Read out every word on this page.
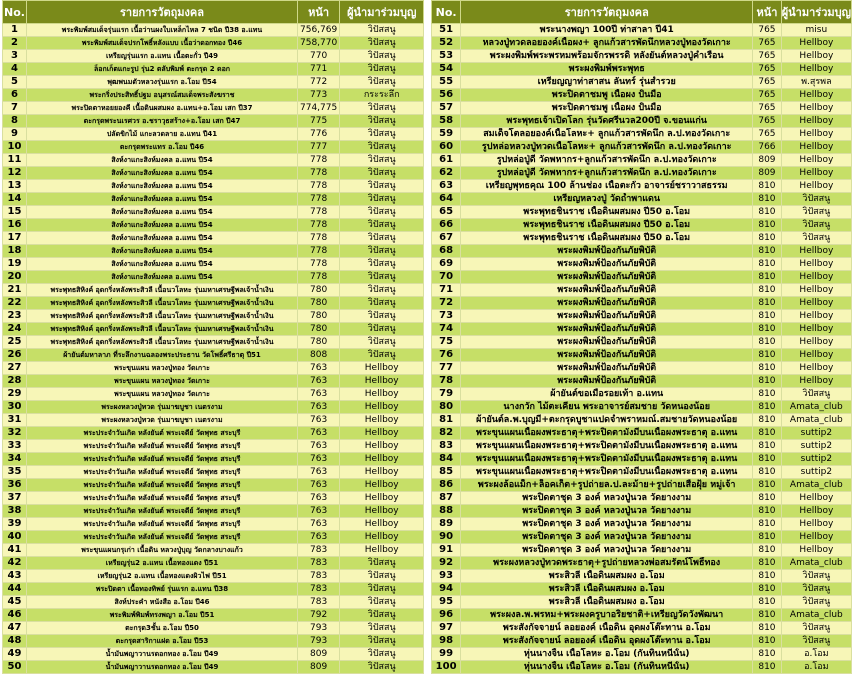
No.	รายการวัตถุมงคล	หน้า	ผู้นำมาร่วมบุญ
1	พระพิมพ์สมเด็จรุ่นแรก เนื้อว่านผงใบเหล็กไหล 7 ชนิด ปี38 อ.แทน	756,769	วิปัสสนู
2	พระพิมพ์สมเด็จปรกโพธิ์หลังแบบ เนื้อว่าดอกทอง ปี46	758,770	วิปัสสนู
3	เหรียญรุ่นแรก อ.แทน เนื้อตะกั่ว ปี49	770	วิปัสสนู
4	ล็อกเก็ตแกะรูป รุ่น2 ตลับพิมพ์ ตะกรุด 2 ดอก	771	วิปัสสนู
5	พุฒพนมตัวหลวงรุ่นแรก อ.โอม ปี54	772	วิปัสสนู
6	พระกริ่งประสิทธิ์ปฐม อนุสรณ์สมเด็จพระสังฆราช	773	กระระลึก
7	พระปิดตาหอยยองคี เนื้อดินผสมผง อ.แทน+อ.โอม เสก ปี37	774,775	วิปัสสนู
8	ตะกรุดพระนเรศวร อ.ชราวุธสร้าง+อ.โอม เสก ปี47	775	วิปัสสนู
9	ปลัดขิกไม้ แกะลวดลาย อ.แทน ปี41	776	วิปัสสนู
10	ตะกรุดพระแทร อ.โอม ปี46	777	วิปัสสนู
11	สิงห์งาแกะสิงห์มงคล อ.แทน ปี54	778	วิปัสสนู
12	สิงห์งาแกะสิงห์มงคล อ.แทน ปี54	778	วิปัสสนู
13	สิงห์งาแกะสิงห์มงคล อ.แทน ปี54	778	วิปัสสนู
14	สิงห์งาแกะสิงห์มงคล อ.แทน ปี54	778	วิปัสสนู
15	สิงห์งาแกะสิงห์มงคล อ.แทน ปี54	778	วิปัสสนู
16	สิงห์งาแกะสิงห์มงคล อ.แทน ปี54	778	วิปัสสนู
17	สิงห์งาแกะสิงห์มงคล อ.แทน ปี54	778	วิปัสสนู
18	สิงห์งาแกะสิงห์มงคล อ.แทน ปี54	778	วิปัสสนู
19	สิงห์งาแกะสิงห์มงคล อ.แทน ปี54	778	วิปัสสนู
20	สิงห์งาแกะสิงห์มงคล อ.แทน ปี54	778	วิปัสสนู
21	พระพุทธสิหิงค์ อุดกริ่งหลังพระสิวลี เนื้อนวโลหะ รุ่นมหาเศรษฐีพลเจ้าน้ำเงิน	780	วิปัสสนู
22	พระพุทธสิหิงค์ อุดกริ่งหลังพระสิวลี เนื้อนวโลหะ รุ่นมหาเศรษฐีพลเจ้าน้ำเงิน	780	วิปัสสนู
23	พระพุทธสิหิงค์ อุดกริ่งหลังพระสิวลี เนื้อนวโลหะ รุ่นมหาเศรษฐีพลเจ้าน้ำเงิน	780	วิปัสสนู
24	พระพุทธสิหิงค์ อุดกริ่งหลังพระสิวลี เนื้อนวโลหะ รุ่นมหาเศรษฐีพลเจ้าน้ำเงิน	780	วิปัสสนู
25	พระพุทธสิหิงค์ อุดกริ่งหลังพระสิวลี เนื้อนวโลหะ รุ่นมหาเศรษฐีพลเจ้าน้ำเงิน	780	วิปัสสนู
26	ผ้ายันต์มหาลาภ ที่ระลึกงานฉลองพระประธาน วัดโพธิ์ศรีธาตุ ปี51	808	วิปัสสนู
27	พระขุนแผน หลวงปู่ทอง วัดเกาะ	763	Hellboy
28	พระขุนแผน หลวงปู่ทอง วัดเกาะ	763	Hellboy
29	พระขุนแผน หลวงปู่ทอง วัดเกาะ	763	Hellboy
30	พระผงหลวงปู่ทวด รุ่นมาฆบูชา เนตรงาม	763	Hellboy
31	พระผงหลวงปู่ทวด รุ่นมาฆบูชา เนตรงาม	763	Hellboy
32	พระประจำวันเกิด หลังยันต์ พระเจดีย์ วัดพุทธ สระบุรี	763	Hellboy
33	พระประจำวันเกิด หลังยันต์ พระเจดีย์ วัดพุทธ สระบุรี	763	Hellboy
34	พระประจำวันเกิด หลังยันต์ พระเจดีย์ วัดพุทธ สระบุรี	763	Hellboy
35	พระประจำวันเกิด หลังยันต์ พระเจดีย์ วัดพุทธ สระบุรี	763	Hellboy
36	พระประจำวันเกิด หลังยันต์ พระเจดีย์ วัดพุทธ สระบุรี	763	Hellboy
37	พระประจำวันเกิด หลังยันต์ พระเจดีย์ วัดพุทธ สระบุรี	763	Hellboy
38	พระประจำวันเกิด หลังยันต์ พระเจดีย์ วัดพุทธ สระบุรี	763	Hellboy
39	พระประจำวันเกิด หลังยันต์ พระเจดีย์ วัดพุทธ สระบุรี	763	Hellboy
40	พระประจำวันเกิด หลังยันต์ พระเจดีย์ วัดพุทธ สระบุรี	763	Hellboy
41	พระขุนแผนกรุเก่า เนื้อดิน หลวงปู่บุญ วัดกลางบางแก้ว	783	Hellboy
42	เหรียญรุ่น2 อ.แทน เนื้อทองแดง ปี51	783	วิปัสสนู
43	เหรียญรุ่น2 อ.แทน เนื้อทองแดงผิวไฟ ปี51	783	วิปัสสนู
44	พระปิดตา เนื้อทองทิพย์ รุ่นแรก อ.แทน ปี38	783	วิปัสสนู
45	สิงห์ประคำ หนังสือ อ.โอม ปี46	783	วิปัสสนู
46	พระพิมพ์พิมพ์ทรงพญา อ.โอม ปี51	792	วิปัสสนู
47	ตะกรุด3ชั้น อ.โอม ปี50	793	วิปัสสนู
48	ตะกรุดสาริกาแฝด อ.โอม ปี53	793	วิปัสสนู
49	น้ำมันพญาวานรดอกทอง อ.โอม ปี49	809	วิปัสสนู
50	น้ำมันพญาวานรดอกทอง อ.โอม ปี49	809	วิปัสสนู
No.	รายการวัตถุมงคล	หน้า	ผู้นำมาร่วมบุญ
51	พระนางพญา 100ปี ท่าสาลา ปี41	765	misu
52	หลวงปู่ทวดลอยองค์เนื้อผง+ ลูกแก้วสารพัดนึกหลวงปู่ทองวัดเกาะ	765	Hellboy
53	พระผงพิมพ์พระพรหมพร้อมจักรพรรดิ หลังยันต์หลวงปู่คำเรือน	765	Hellboy
54	พระผงพิมพ์พระพุทธ	765	Hellboy
55	เหรียญญาท่าสาสน ลันทร์ รุ่นสำรวย	765	พ.สุรพล
56	พระปิดตาชมพู เนื้อผง ปั้นมือ	765	Hellboy
57	พระปิดตาชมพู เนื้อผง ปั้นมือ	765	Hellboy
58	พระพุทธเจ้าเปิดโลก รุ่นวัดศรีนวล200ปี จ.ขอนแก่น	765	Hellboy
59	สมเด็จโตลอยองค์เนื้อโลหะ+ ลูกแก้วสารพัดนึก ล.ป.ทองวัดเกาะ	765	Hellboy
60	รูปหล่อหลวงปู่ทวดเนื้อโลหะ+ ลูกแก้วสารพัดนึก ล.ป.ทองวัดเกาะ	766	Hellboy
61	รูปหล่อปู่ดี วัดพหากร+ลูกแก้วสารพัดนึก ล.ป.ทองวัดเกาะ	809	Hellboy
62	รูปหล่อปู่ดี วัดพหากร+ลูกแก้วสารพัดนึก ล.ป.ทองวัดเกาะ	809	Hellboy
63	เหรียญพุทธคุณ 100 ล้านช่อง เนื้อตะกั่ว อาจารย์ชราวาสธรรม	810	Hellboy
64	เหรียญหลวงปู่ วัดถ้ำพาแดน	810	วิปัสสนู
65	พระพุทธชินราช เนื้อดินผสมผง ปี50 อ.โอม	810	วิปัสสนู
66	พระพุทธชินราช เนื้อดินผสมผง ปี50 อ.โอม	810	วิปัสสนู
67	พระพุทธชินราช เนื้อดินผสมผง ปี50 อ.โอม	810	วิปัสสนู
68	พระผงพิมพ์ป้องกันภัยพิบัติ	810	Hellboy
69	พระผงพิมพ์ป้องกันภัยพิบัติ	810	Hellboy
70	พระผงพิมพ์ป้องกันภัยพิบัติ	810	Hellboy
71	พระผงพิมพ์ป้องกันภัยพิบัติ	810	Hellboy
72	พระผงพิมพ์ป้องกันภัยพิบัติ	810	Hellboy
73	พระผงพิมพ์ป้องกันภัยพิบัติ	810	Hellboy
74	พระผงพิมพ์ป้องกันภัยพิบัติ	810	Hellboy
75	พระผงพิมพ์ป้องกันภัยพิบัติ	810	Hellboy
76	พระผงพิมพ์ป้องกันภัยพิบัติ	810	Hellboy
77	พระผงพิมพ์ป้องกันภัยพิบัติ	810	Hellboy
78	พระผงพิมพ์ป้องกันภัยพิบัติ	810	Hellboy
79	ผ้ายันต์ขอเมือรอยเท้า อ.แทน	810	วิปัสสนู
80	นางกวัก ไม้ตะเคียน พระอาจารย์สมชาย วัดหนองน้อย	810	Amata_club
81	ผ้ายันต์ล.พ.บุญมี+ตะกรุดบูชาแปดจำพราหมณ์.สมชายวัดหนองน้อย	810	Amata_club
82	พระขุนแผนเนื้อผงพระธาตุ+พระปิดตามังมีบนเนื้อผงพระธาตุ อ.แทน	810	suttip2
83	พระขุนแผนเนื้อผงพระธาตุ+พระปิดตามังมีบนเนื้อผงพระธาตุ อ.แทน	810	suttip2
84	พระขุนแผนเนื้อผงพระธาตุ+พระปิดตามังมีบนเนื้อผงพระธาตุ อ.แทน	810	suttip2
85	พระขุนแผนเนื้อผงพระธาตุ+พระปิดตามังมีบนเนื้อผงพระธาตุ อ.แทน	810	suttip2
86	พระผงล้อแม็ก+ล็อคเก็ต+รูปถ่ายล.ป.ละม้าย+รูปถ่ายเสือฝุ้ย หมู่เจ้า	810	Amata_club
87	พระปิดตาชุด 3 องค์ หลวงปู่นวล วัดยางงาม	810	Hellboy
88	พระปิดตาชุด 3 องค์ หลวงปู่นวล วัดยางงาม	810	Hellboy
89	พระปิดตาชุด 3 องค์ หลวงปู่นวล วัดยางงาม	810	Hellboy
90	พระปิดตาชุด 3 องค์ หลวงปู่นวล วัดยางงาม	810	Hellboy
91	พระปิดตาชุด 3 องค์ หลวงปู่นวล วัดยางงาม	810	Hellboy
92	พระผงหลวงปู่ทวดพระธาตุ+รูปถ่ายหลวงพ่อสมรัตน์โพธิ์ทอง	810	Amata_club
93	พระสิวลี เนื้อดินผสมผง อ.โอม	810	วิปัสสนู
94	พระสิวลี เนื้อดินผสมผง อ.โอม	810	วิปัสสนู
95	พระสิวลี เนื้อดินผสมผง อ.โอม	810	วิปัสสนู
96	พระผงล.พ.พรหม+พระผงครูบาอริยชาติ+เหรียญวัดวังพัฒนา	810	Amata_club
97	พระสังกัจจายน์ ลอยองค์ เนื้อดิน อุดผงโต๊ะทาน อ.โอม	810	วิปัสสนู
98	พระสังกัจจายน์ ลอยองค์ เนื้อดิน อุดผงโต๊ะทาน อ.โอม	810	วิปัสสนู
99	หุ่นนางจิ้น เนื้อโลหะ อ.โอม (กันทินหนีนั้น)	810	อ.โอม
100	หุ่นนางจิ้น เนื้อโลหะ อ.โอม (กันทินหนีนั้น)	810	อ.โอม
